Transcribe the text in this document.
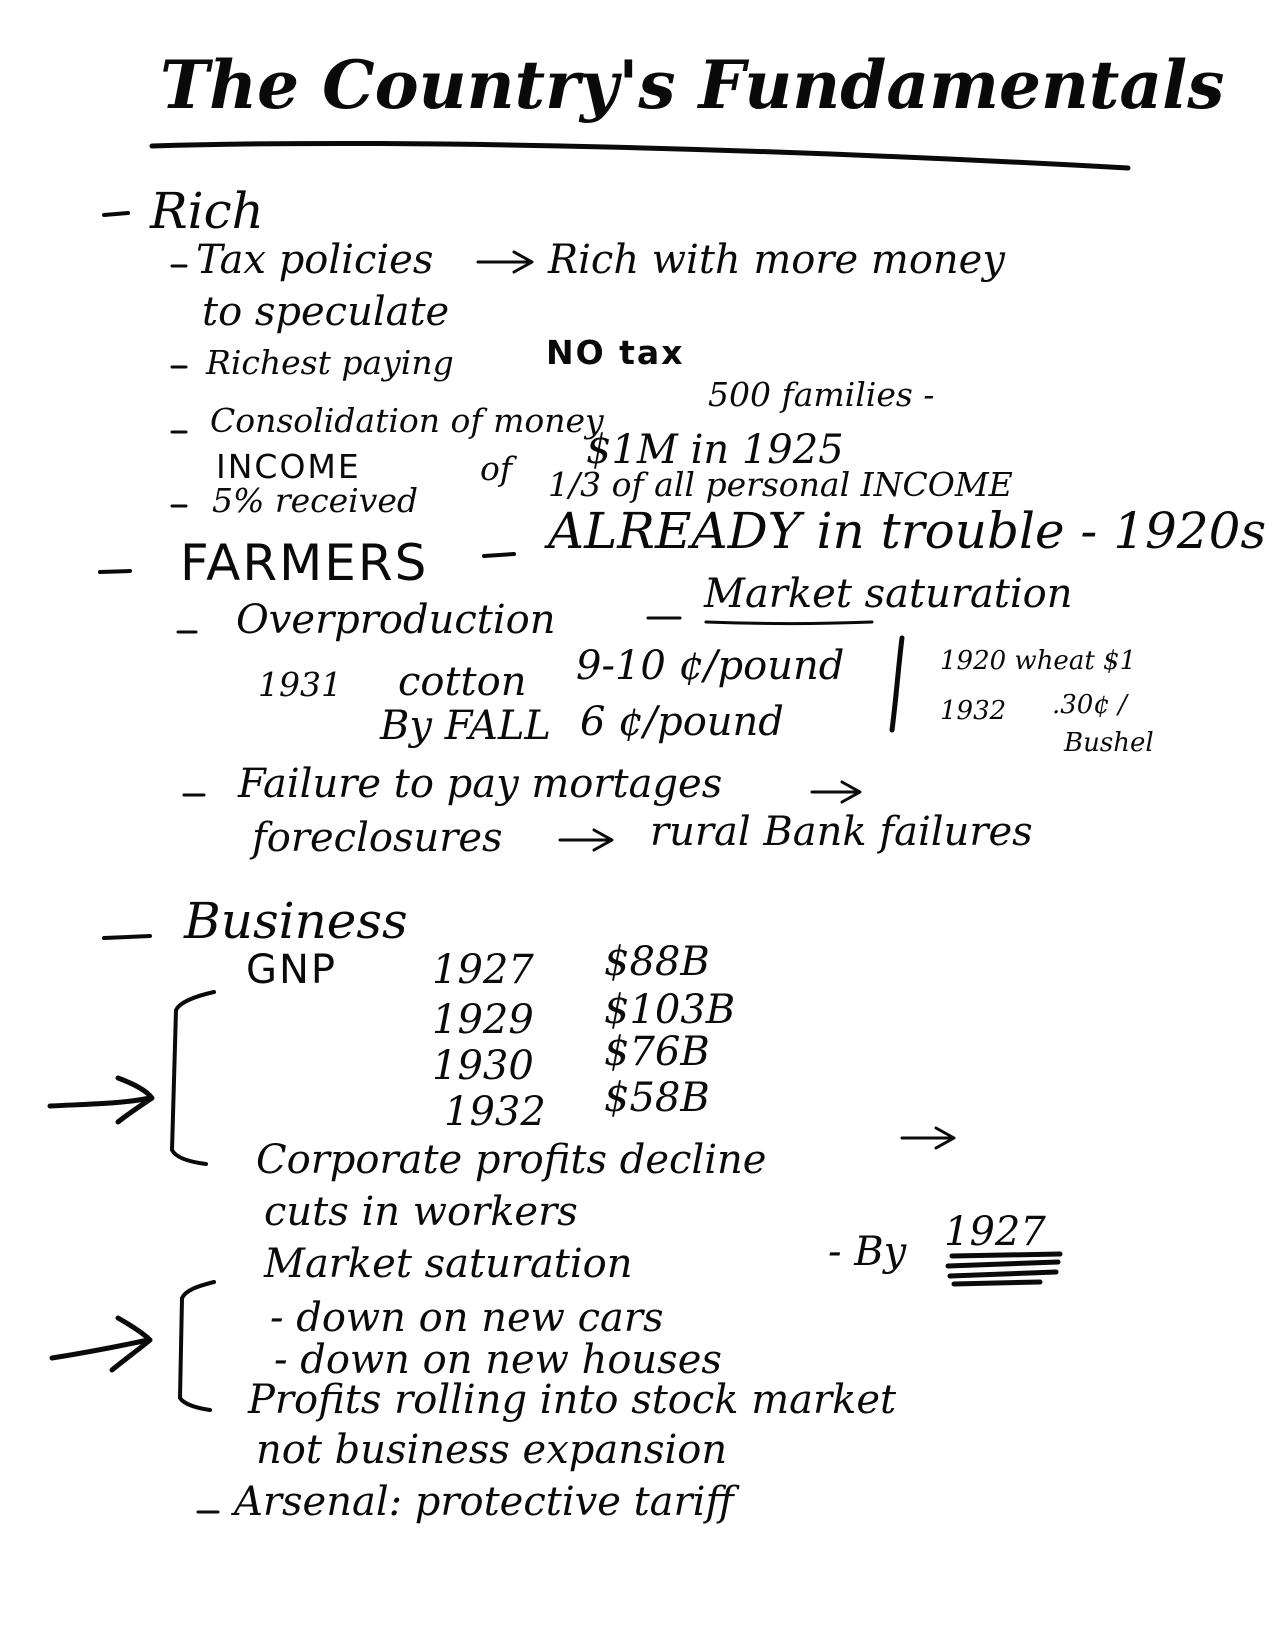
The Country's Fundamentals
Rich
Tax policies	Rich with more money
to speculate
Richest paying	NO tax
Consolidation of money
500 families -
INCOME	of $1M in 1925
5% received	1/3 of all personal INCOME
FARMERS
ALREADY in trouble - 1920s
Overproduction
Market saturation
1931 cotton 9-10 ¢/pound
By FALL 6 ¢/pound
1920 wheat $1
1932 .30¢ /
Bushel
Failure to pay mortages
foreclosures	rural Bank failures
Business
GNP 1927 $88B
1929 $103B
1930 $76B
1932 $58B
Corporate profits decline
cuts in workers
Market saturation	- By 1927
- down on new cars
- down on new houses
Profits rolling into stock market
not business expansion
Arsenal: protective tariff
